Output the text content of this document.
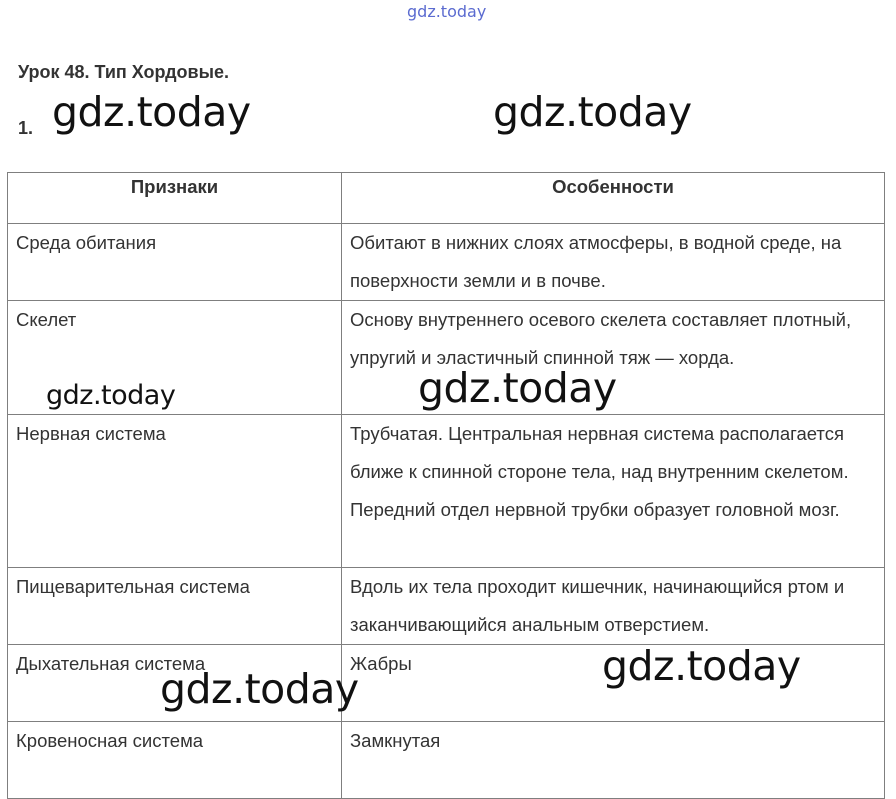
gdz.today
Урок 48. Тип Хордовые.
1.
Признаки	Особенности
Среда обитания	Обитают в нижних слоях атмосферы, в водной среде, на поверхности земли и в почве.
Скелет	Основу внутреннего осевого скелета составляет плотный, упругий и эластичный спинной тяж — хорда.
Нервная система	Трубчатая. Центральная нервная система располагается ближе к спинной стороне тела, над внутренним скелетом. Передний отдел нервной трубки образует головной мозг.
Пищеварительная система	Вдоль их тела проходит кишечник, начинающийся ртом и заканчивающийся анальным отверстием.
Дыхательная система	Жабры
Кровеносная система	Замкнутая
gdz.today	gdz.today
gdz.today	gdz.today
gdz.today
gdz.today
